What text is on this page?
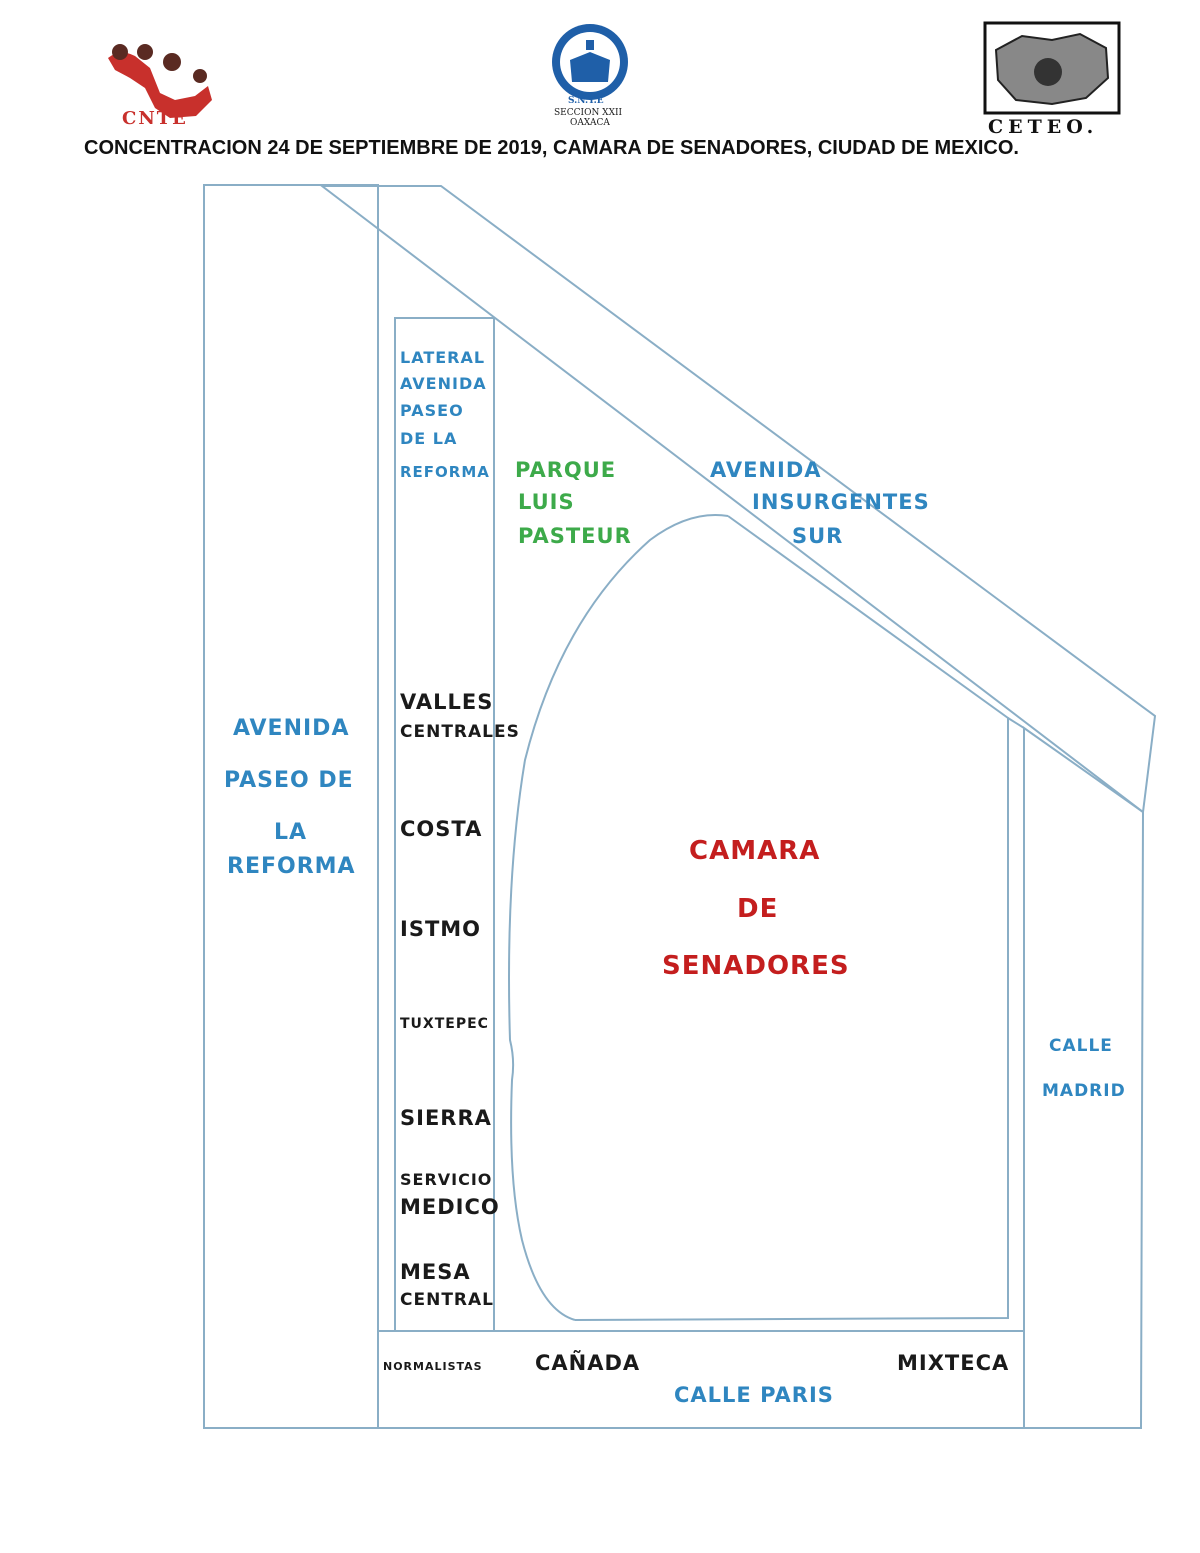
CNTE
S.N.T.E
SECCION XXII
OAXACA	CETEO.
CONCENTRACION 24 DE SEPTIEMBRE DE 2019, CAMARA DE SENADORES, CIUDAD DE MEXICO.
AVENIDA
PASEO DE
LA
REFORMA
LATERAL
AVENIDA
PASEO
DE LA
REFORMA PARQUE
LUIS
PASTEUR
AVENIDA
INSURGENTES
SUR
CALLE
MADRID
CALLE PARIS
CAMARA
DE
SENADORES
VALLES
CENTRALES
COSTA
ISTMO
TUXTEPEC
SIERRA
SERVICIO
MEDICO
MESA
CENTRAL
NORMALISTAS CAÑADA	MIXTECA
